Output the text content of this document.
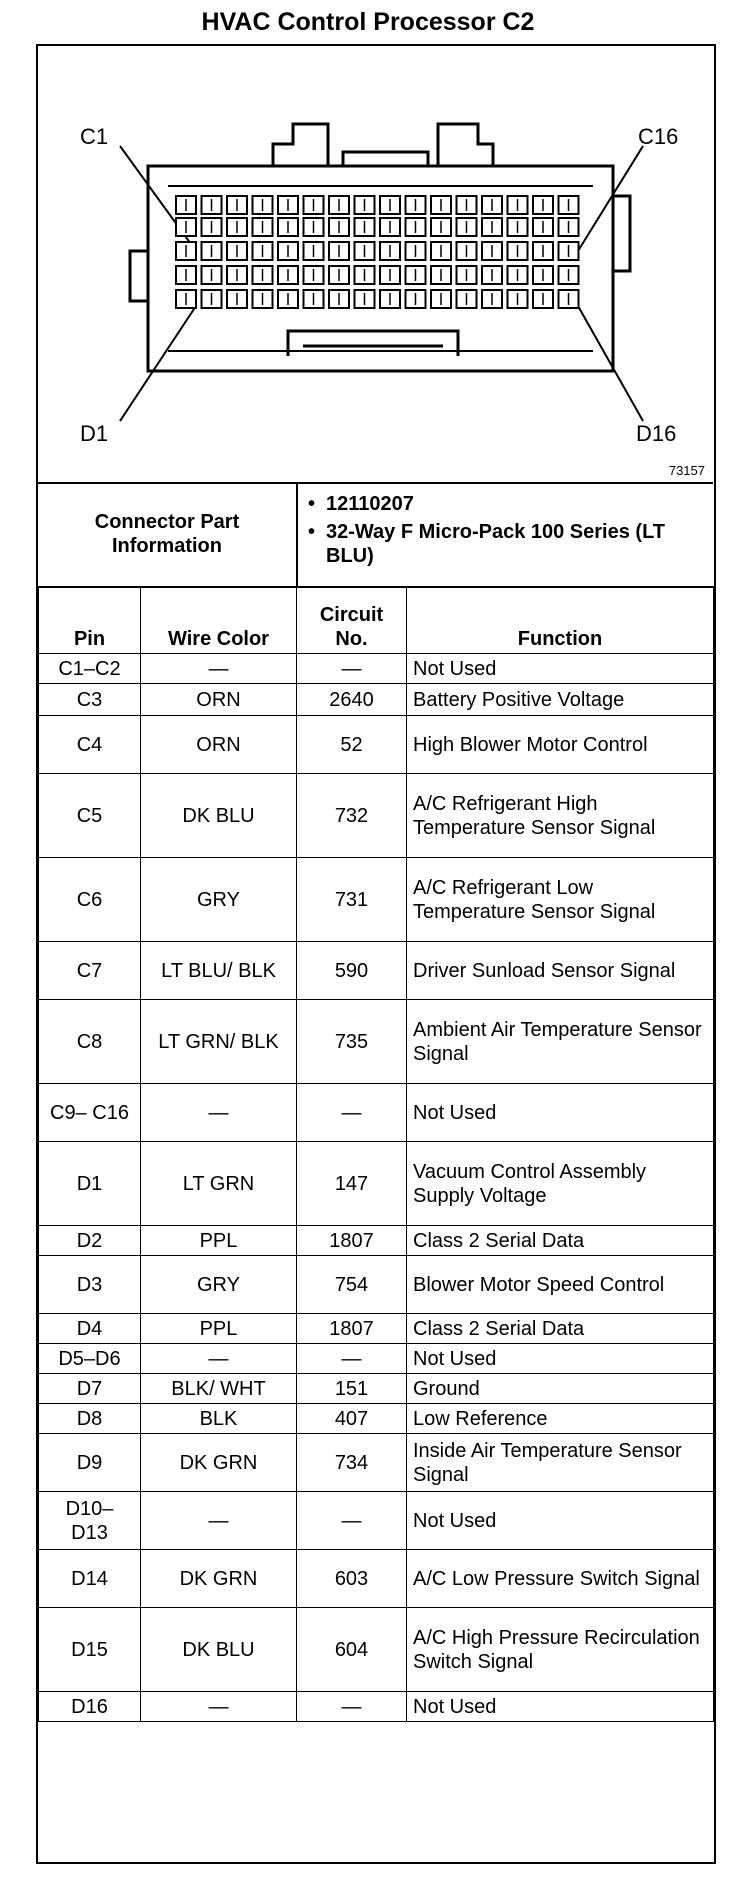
HVAC Control Processor C2
C1	C16
D1	D16
73157
Connector Part Information
• 12110207
• 32-Way F Micro-Pack 100 Series (LT BLU)
Pin	Wire Color	Circuit No.	Function
C1–C2	—	—	Not Used
C3	ORN	2640	Battery Positive Voltage
C4	ORN	52	High Blower Motor Control
C5	DK BLU	732	A/C Refrigerant High Temperature Sensor Signal
C6	GRY	731	A/C Refrigerant Low Temperature Sensor Signal
C7	LT BLU/ BLK	590	Driver Sunload Sensor Signal
C8	LT GRN/ BLK	735	Ambient Air Temperature Sensor Signal
C9– C16	—	—	Not Used
D1	LT GRN	147	Vacuum Control Assembly Supply Voltage
D2	PPL	1807	Class 2 Serial Data
D3	GRY	754	Blower Motor Speed Control
D4	PPL	1807	Class 2 Serial Data
D5–D6	—	—	Not Used
D7	BLK/ WHT	151	Ground
D8	BLK	407	Low Reference
D9	DK GRN	734	Inside Air Temperature Sensor Signal
D10– D13	—	—	Not Used
D14	DK GRN	603	A/C Low Pressure Switch Signal
D15	DK BLU	604	A/C High Pressure Recirculation Switch Signal
D16	—	—	Not Used
